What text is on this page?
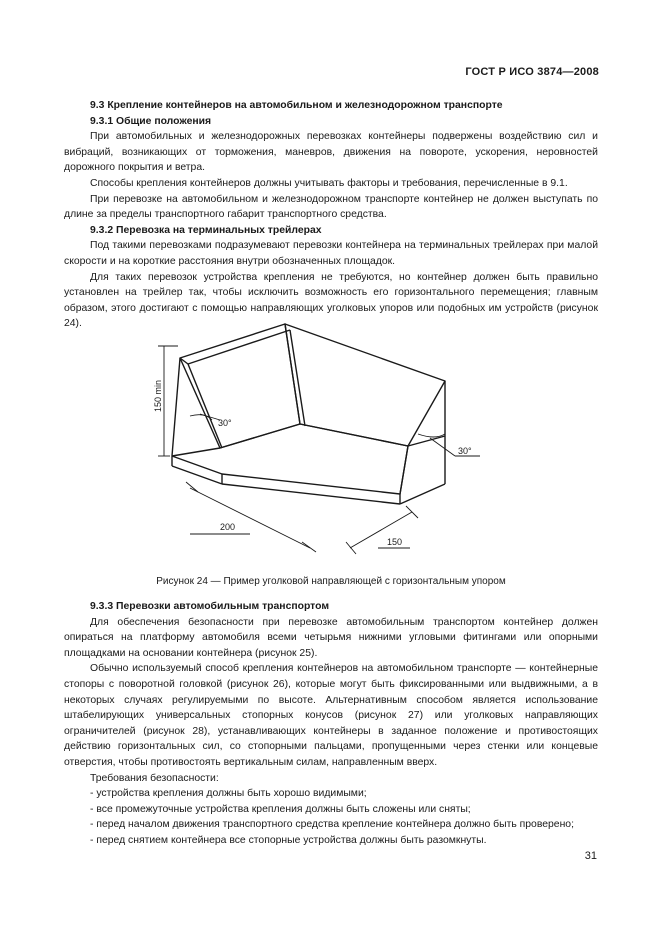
ГОСТ Р ИСО 3874—2008

9.3 Крепление контейнеров на автомобильном и железнодорожном транспорте

9.3.1 Общие положения

При автомобильных и железнодорожных перевозках контейнеры подвержены воздействию сил и вибраций, возникающих от торможения, маневров, движения на повороте, ускорения, неровностей дорожного покрытия и ветра.

Способы крепления контейнеров должны учитывать факторы и требования, перечисленные в 9.1.

При перевозке на автомобильном и железнодорожном транспорте контейнер не должен выступать по длине за пределы транспортного габарит транспортного средства.

9.3.2 Перевозка на терминальных трейлерах

Под такими перевозками подразумевают перевозки контейнера на терминальных трейлерах при малой скорости и на короткие расстояния внутри обозначенных площадок.

Для таких перевозок устройства крепления не требуются, но контейнер должен быть правильно установлен на трейлер так, чтобы исключить возможность его горизонтального перемещения; главным образом, этого достигают с помощью направляющих уголковых упоров или подобных им устройств (рисунок 24).

150 min
30°
30°
200
150
Рисунок 24 — Пример уголковой направляющей с горизонтальным упором

9.3.3 Перевозки автомобильным транспортом

Для обеспечения безопасности при перевозке автомобильным транспортом контейнер должен опираться на платформу автомобиля всеми четырьмя нижними угловыми фитингами или опорными площадками на основании контейнера (рисунок 25).

Обычно используемый способ крепления контейнеров на автомобильном транспорте — контейнерные стопоры с поворотной головкой (рисунок 26), которые могут быть фиксированными или выдвижными, а в некоторых случаях регулируемыми по высоте. Альтернативным способом является использование штабелирующих универсальных стопорных конусов (рисунок 27) или уголковых направляющих ограничителей (рисунок 28), устанавливающих контейнеры в заданное положение и противостоящих действию горизонтальных сил, со стопорными пальцами, пропущенными через стенки или концевые отверстия, чтобы противостоять вертикальным силам, направленным вверх.

Требования безопасности:

- устройства крепления должны быть хорошо видимыми;

- все промежуточные устройства крепления должны быть сложены или сняты;

- перед началом движения транспортного средства крепление контейнера должно быть проверено;

- перед снятием контейнера все стопорные устройства должны быть разомкнуты.

31
